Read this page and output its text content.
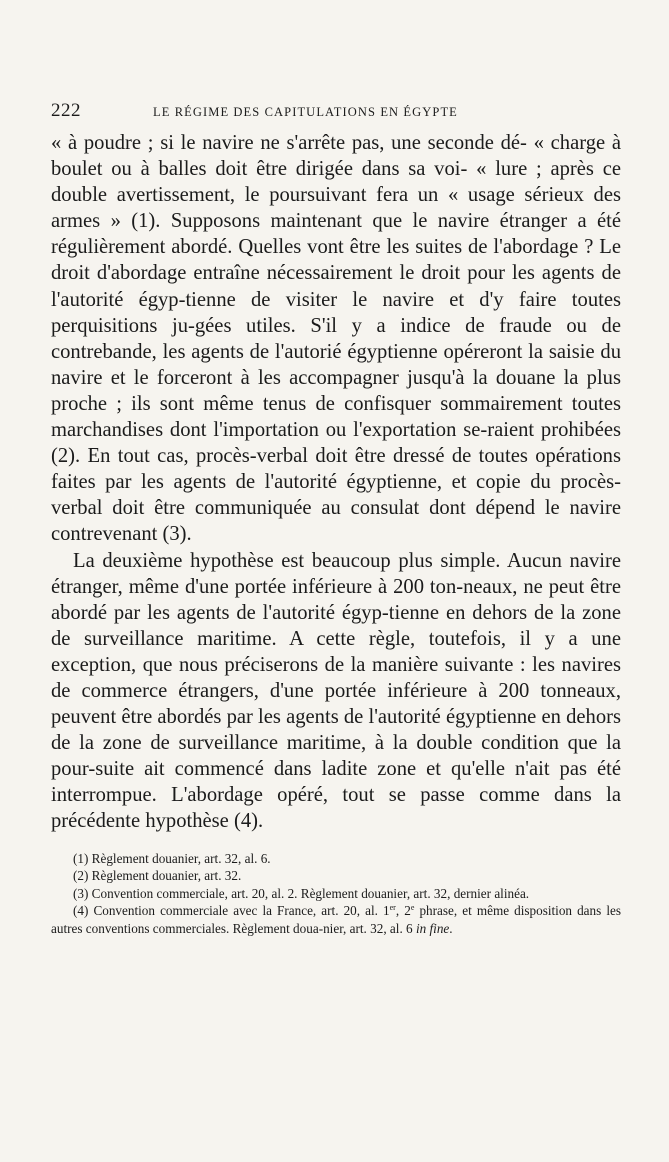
222	LE RÉGIME DES CAPITULATIONS EN ÉGYPTE

« à poudre ; si le navire ne s'arrête pas, une seconde dé- « charge à boulet ou à balles doit être dirigée dans sa voi- « lure ; après ce double avertissement, le poursuivant fera un « usage sérieux des armes » (1). Supposons maintenant que le navire étranger a été régulièrement abordé. Quelles vont être les suites de l'abordage ? Le droit d'abordage entraîne nécessairement le droit pour les agents de l'autorité égyp-tienne de visiter le navire et d'y faire toutes perquisitions ju-gées utiles. S'il y a indice de fraude ou de contrebande, les agents de l'autorié égyptienne opéreront la saisie du navire et le forceront à les accompagner jusqu'à la douane la plus proche ; ils sont même tenus de confisquer sommairement toutes marchandises dont l'importation ou l'exportation se-raient prohibées (2). En tout cas, procès-verbal doit être dressé de toutes opérations faites par les agents de l'autorité égyptienne, et copie du procès-verbal doit être communiquée au consulat dont dépend le navire contrevenant (3).

La deuxième hypothèse est beaucoup plus simple. Aucun navire étranger, même d'une portée inférieure à 200 ton-neaux, ne peut être abordé par les agents de l'autorité égyp-tienne en dehors de la zone de surveillance maritime. A cette règle, toutefois, il y a une exception, que nous préciserons de la manière suivante : les navires de commerce étrangers, d'une portée inférieure à 200 tonneaux, peuvent être abordés par les agents de l'autorité égyptienne en dehors de la zone de surveillance maritime, à la double condition que la pour-suite ait commencé dans ladite zone et qu'elle n'ait pas été interrompue. L'abordage opéré, tout se passe comme dans la précédente hypothèse (4).

(1) Règlement douanier, art. 32, al. 6.

(2) Règlement douanier, art. 32.

(3) Convention commerciale, art. 20, al. 2. Règlement douanier, art. 32, dernier alinéa.

(4) Convention commerciale avec la France, art. 20, al. 1er, 2e phrase, et même disposition dans les autres conventions commerciales. Règlement doua-nier, art. 32, al. 6 in fine.
